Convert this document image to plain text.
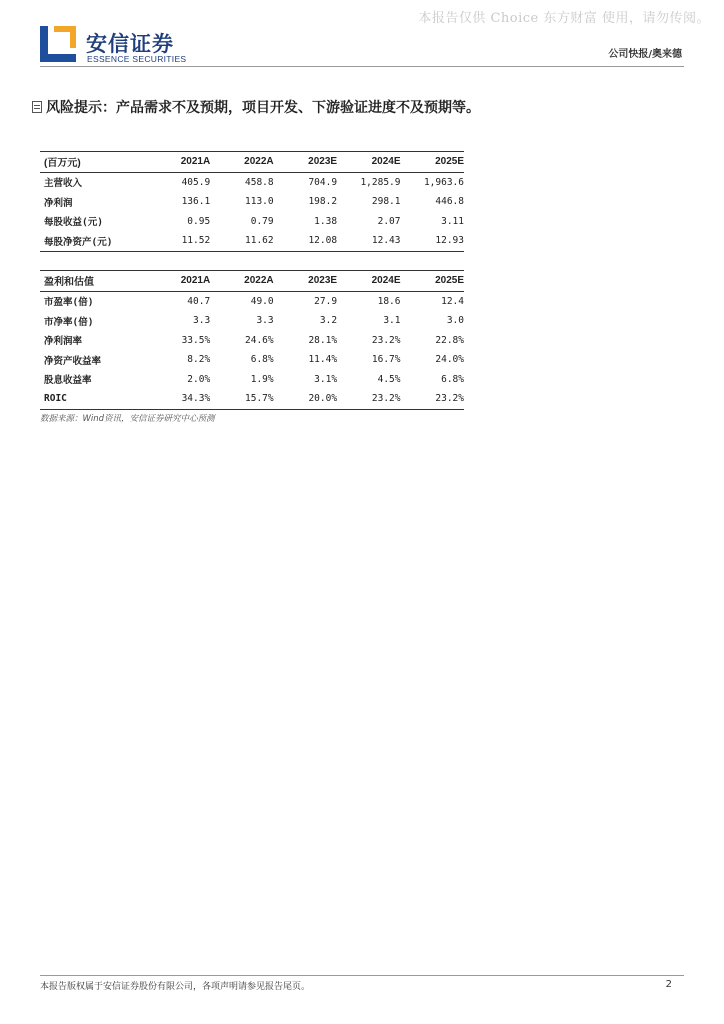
本报告仅供 Choice 东方财富 使用，请勿传阅。
安信证券
ESSENCE SECURITIES	公司快报/奥来德
风险提示：产品需求不及预期，项目开发、下游验证进度不及预期等。
(百万元)	2021A	2022A	2023E	2024E	2025E
主营收入	405.9	458.8	704.9	1,285.9	1,963.6
净利润	136.1	113.0	198.2	298.1	446.8
每股收益(元)	0.95	0.79	1.38	2.07	3.11
每股净资产(元)	11.52	11.62	12.08	12.43	12.93
盈利和估值	2021A	2022A	2023E	2024E	2025E
市盈率(倍)	40.7	49.0	27.9	18.6	12.4
市净率(倍)	3.3	3.3	3.2	3.1	3.0
净利润率	33.5%	24.6%	28.1%	23.2%	22.8%
净资产收益率	8.2%	6.8%	11.4%	16.7%	24.0%
股息收益率	2.0%	1.9%	3.1%	4.5%	6.8%
ROIC	34.3%	15.7%	20.0%	23.2%	23.2%
数据来源：Wind资讯，安信证券研究中心预测
本报告版权属于安信证券股份有限公司，各项声明请参见报告尾页。	2
